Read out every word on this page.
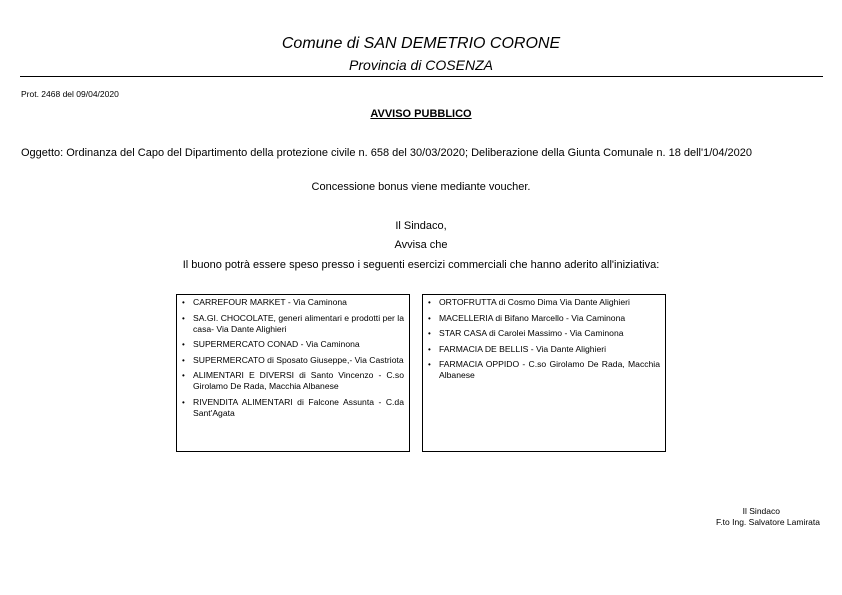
Comune di SAN DEMETRIO CORONE
Provincia di COSENZA
Prot. 2468 del 09/04/2020
AVVISO PUBBLICO
Oggetto: Ordinanza del Capo del Dipartimento della protezione civile n. 658 del 30/03/2020; Deliberazione della Giunta Comunale n. 18 dell'1/04/2020
Concessione bonus viene mediante voucher.
Il Sindaco,
Avvisa che
Il buono potrà essere speso presso i seguenti esercizi commerciali che hanno aderito all'iniziativa:
• CARREFOUR MARKET - Via Caminona
• SA.GI. CHOCOLATE, generi alimentari e prodotti per la casa- Via Dante Alighieri
• SUPERMERCATO CONAD - Via Caminona
• SUPERMERCATO di Sposato Giuseppe,- Via Castriota
• ALIMENTARI E DIVERSI di Santo Vincenzo - C.so Girolamo De Rada, Macchia Albanese
• RIVENDITA ALIMENTARI di Falcone Assunta - C.da Sant'Agata
• ORTOFRUTTA di Cosmo Dima Via Dante Alighieri
• MACELLERIA di Bifano Marcello - Via Caminona
• STAR CASA di Carolei Massimo - Via Caminona
• FARMACIA DE BELLIS - Via Dante Alighieri
• FARMACIA OPPIDO - C.so Girolamo De Rada, Macchia Albanese
Il Sindaco
F.to Ing. Salvatore Lamirata
